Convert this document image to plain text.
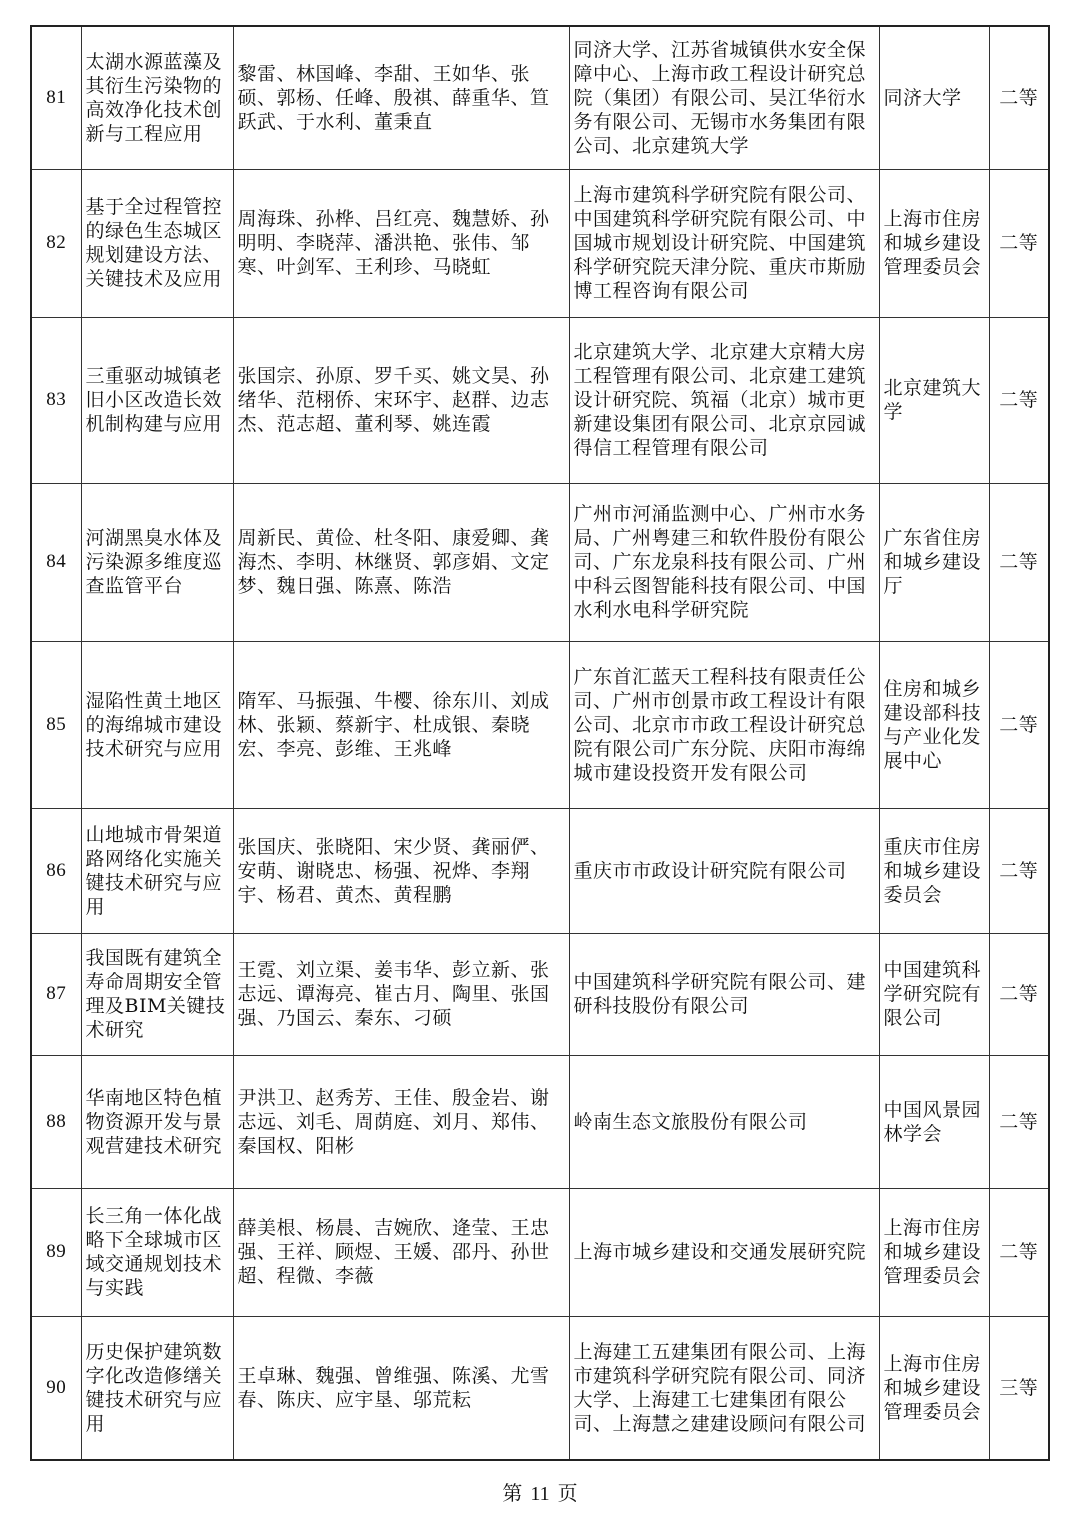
81	太湖水源蓝藻及其衍生污染物的高效净化技术创新与工程应用	黎雷、林国峰、李甜、王如华、张硕、郭杨、任峰、殷祺、薛重华、笪跃武、于水利、董秉直	同济大学、江苏省城镇供水安全保障中心、上海市政工程设计研究总院（集团）有限公司、吴江华衍水务有限公司、无锡市水务集团有限公司、北京建筑大学	同济大学	二等
82	基于全过程管控的绿色生态城区规划建设方法、关键技术及应用	周海珠、孙桦、吕红亮、魏慧娇、孙明明、李晓萍、潘洪艳、张伟、邹寒、叶剑军、王利珍、马晓虹	上海市建筑科学研究院有限公司、中国建筑科学研究院有限公司、中国城市规划设计研究院、中国建筑科学研究院天津分院、重庆市斯励博工程咨询有限公司	上海市住房和城乡建设管理委员会	二等
83	三重驱动城镇老旧小区改造长效机制构建与应用	张国宗、孙原、罗千买、姚文昊、孙绪华、范栩侨、宋环宇、赵群、边志杰、范志超、董利琴、姚连霞	北京建筑大学、北京建大京精大房工程管理有限公司、北京建工建筑设计研究院、筑福（北京）城市更新建设集团有限公司、北京京园诚得信工程管理有限公司	北京建筑大学	二等
84	河湖黑臭水体及污染源多维度巡查监管平台	周新民、黄俭、杜冬阳、康爱卿、龚海杰、李明、林继贤、郭彦娟、文定梦、魏日强、陈熹、陈浩	广州市河涌监测中心、广州市水务局、广州粤建三和软件股份有限公司、广东龙泉科技有限公司、广州中科云图智能科技有限公司、中国水利水电科学研究院	广东省住房和城乡建设厅	二等
85	湿陷性黄土地区的海绵城市建设技术研究与应用	隋军、马振强、牛樱、徐东川、刘成林、张颖、蔡新宇、杜成银、秦晓宏、李亮、彭维、王兆峰	广东首汇蓝天工程科技有限责任公司、广州市创景市政工程设计有限公司、北京市市政工程设计研究总院有限公司广东分院、庆阳市海绵城市建设投资开发有限公司	住房和城乡建设部科技与产业化发展中心	二等
86	山地城市骨架道路网络化实施关键技术研究与应用	张国庆、张晓阳、宋少贤、龚丽俨、安萌、谢晓忠、杨强、祝烨、李翔宇、杨君、黄杰、黄程鹏	重庆市市政设计研究院有限公司	重庆市住房和城乡建设委员会	二等
87	我国既有建筑全寿命周期安全管理及BIM关键技术研究	王霓、刘立渠、姜韦华、彭立新、张志远、谭海亮、崔古月、陶里、张国强、乃国云、秦东、刁硕	中国建筑科学研究院有限公司、建研科技股份有限公司	中国建筑科学研究院有限公司	二等
88	华南地区特色植物资源开发与景观营建技术研究	尹洪卫、赵秀芳、王佳、殷金岩、谢志远、刘毛、周荫庭、刘月、郑伟、秦国权、阳彬	岭南生态文旅股份有限公司	中国风景园林学会	二等
89	长三角一体化战略下全球城市区域交通规划技术与实践	薛美根、杨晨、吉婉欣、逄莹、王忠强、王祥、顾煜、王媛、邵丹、孙世超、程微、李薇	上海市城乡建设和交通发展研究院	上海市住房和城乡建设管理委员会	二等
90	历史保护建筑数字化改造修缮关键技术研究与应用	王卓琳、魏强、曾维强、陈溪、尤雪春、陈庆、应宇垦、邬荒耘	上海建工五建集团有限公司、上海市建筑科学研究院有限公司、同济大学、上海建工七建集团有限公司、上海慧之建建设顾问有限公司	上海市住房和城乡建设管理委员会	三等
第 11 页
